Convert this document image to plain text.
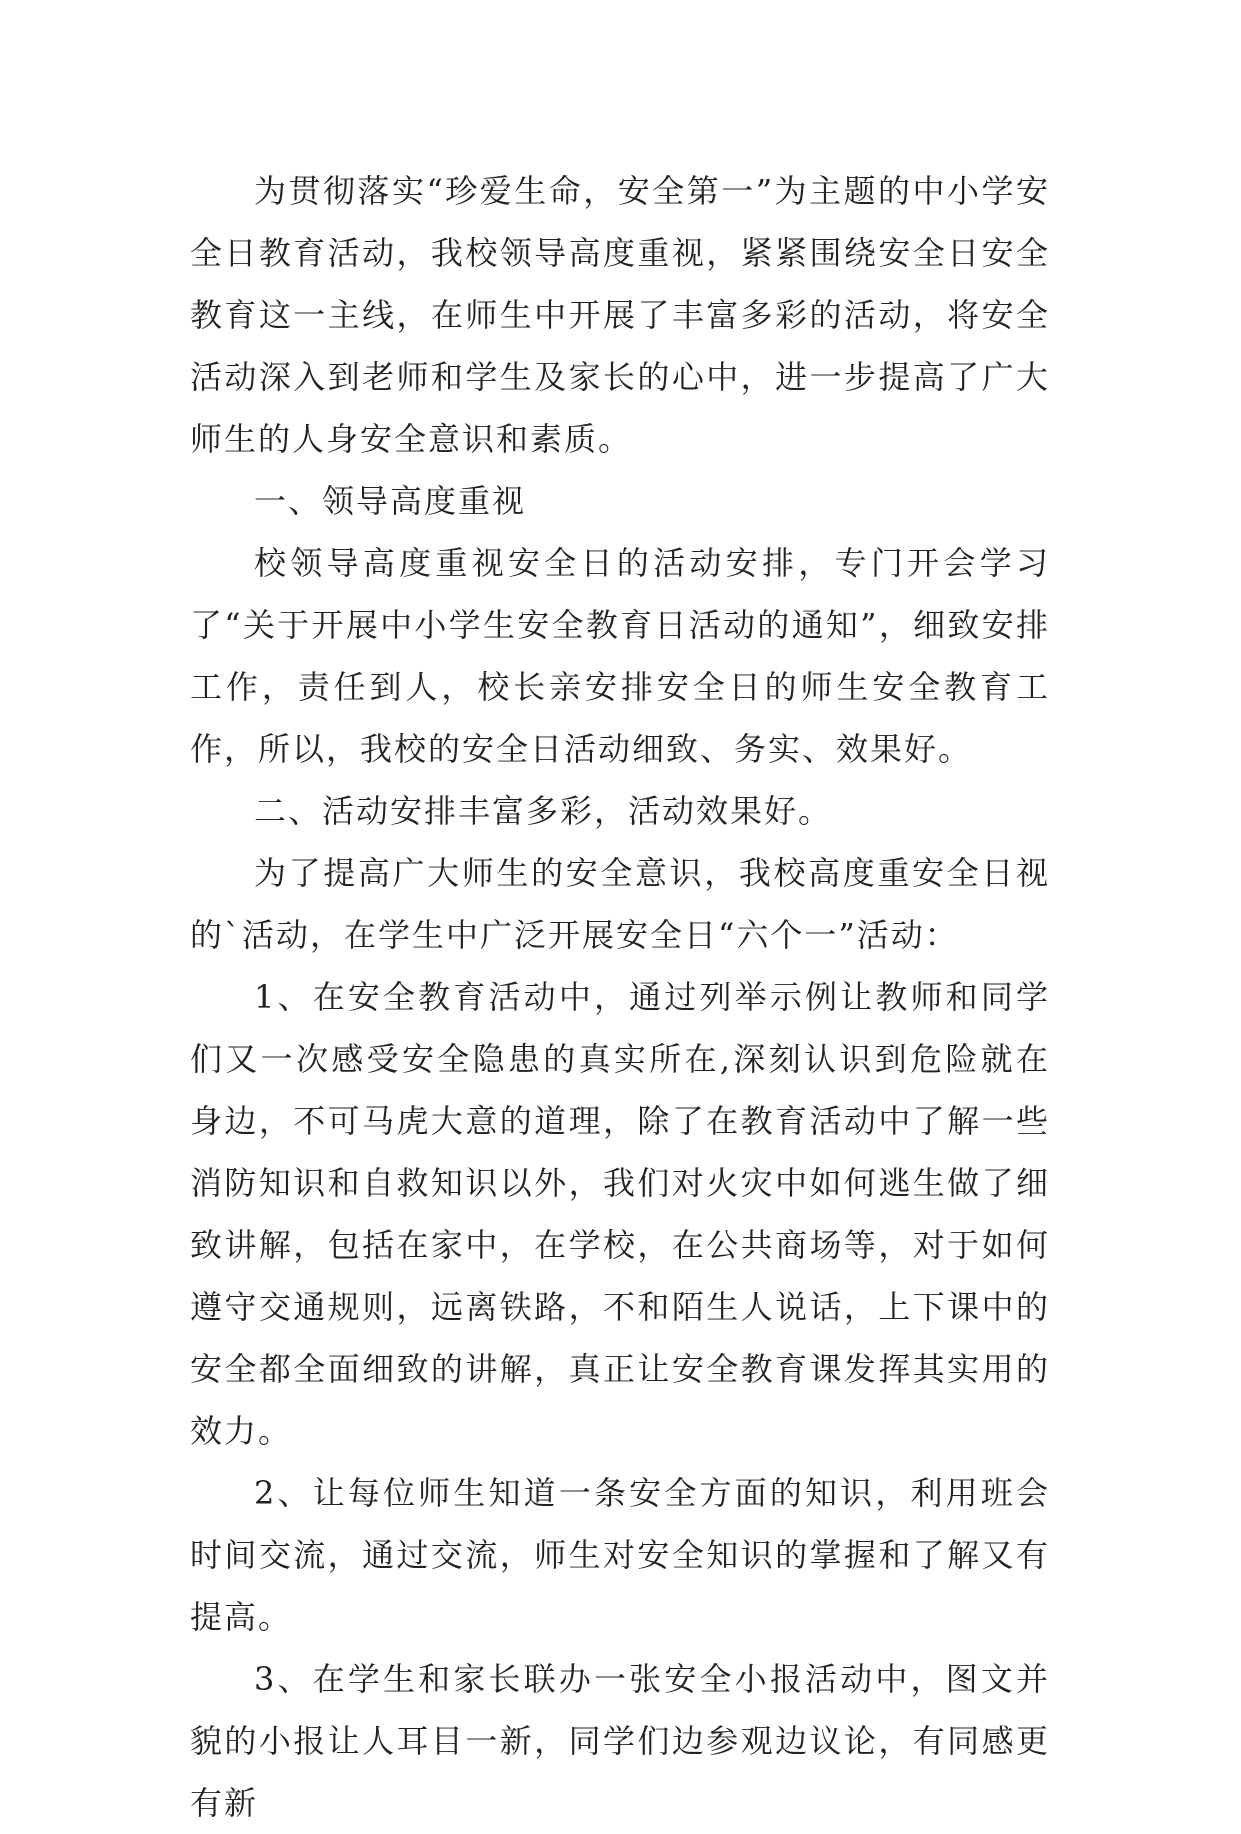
为贯彻落实“珍爱生命，安全第一”为主题的中小学安全日教育活动，我校领导高度重视，紧紧围绕安全日安全教育这一主线，在师生中开展了丰富多彩的活动，将安全活动深入到老师和学生及家长的心中，进一步提高了广大师生的人身安全意识和素质。

一、领导高度重视

校领导高度重视安全日的活动安排，专门开会学习了“关于开展中小学生安全教育日活动的通知”，细致安排工作，责任到人，校长亲安排安全日的师生安全教育工作，所以，我校的安全日活动细致、务实、效果好。

二、活动安排丰富多彩，活动效果好。

为了提高广大师生的安全意识，我校高度重安全日视的`活动，在学生中广泛开展安全日“六个一”活动：

1、在安全教育活动中，通过列举示例让教师和同学们又一次感受安全隐患的真实所在,深刻认识到危险就在身边，不可马虎大意的道理，除了在教育活动中了解一些消防知识和自救知识以外，我们对火灾中如何逃生做了细致讲解，包括在家中，在学校，在公共商场等，对于如何遵守交通规则，远离铁路，不和陌生人说话，上下课中的安全都全面细致的讲解，真正让安全教育课发挥其实用的效力。

2、让每位师生知道一条安全方面的知识，利用班会时间交流，通过交流，师生对安全知识的掌握和了解又有提高。

3、在学生和家长联办一张安全小报活动中，图文并貌的小报让人耳目一新，同学们边参观边议论，有同感更有新
